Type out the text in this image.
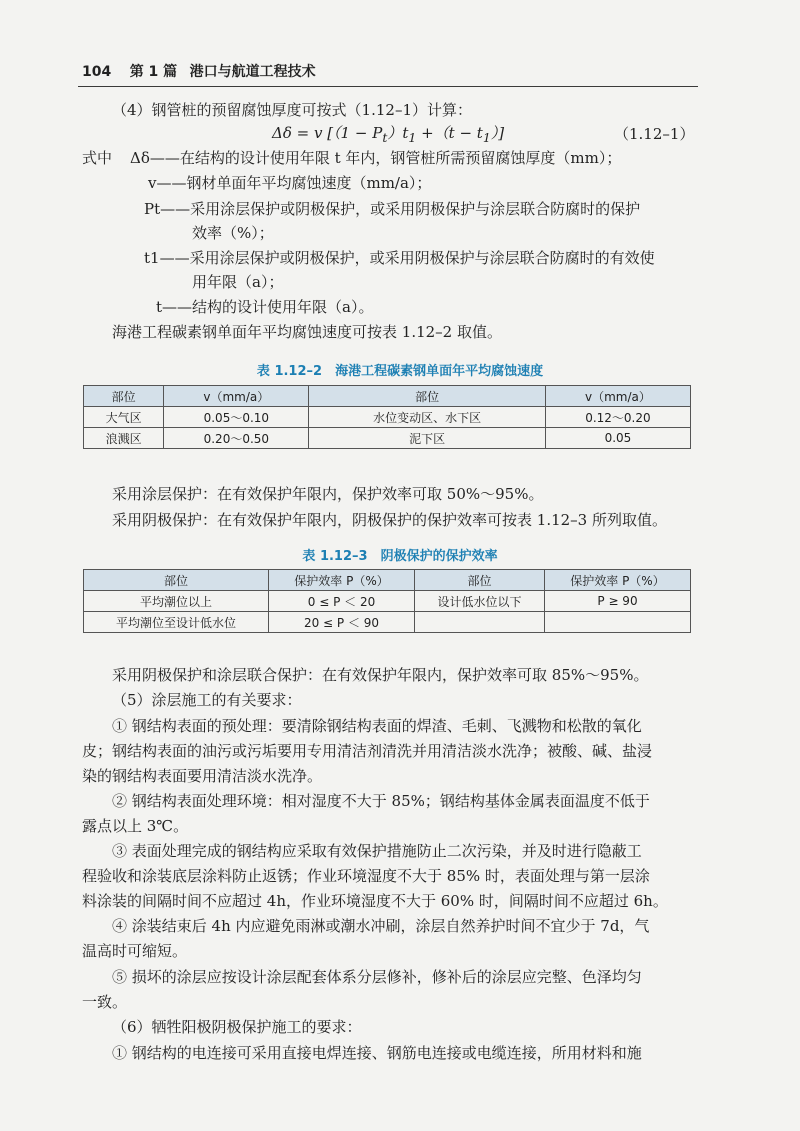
104 第 1 篇 港口与航道工程技术
（4）钢管桩的预留腐蚀厚度可按式（1.12–1）计算：
Δδ = v $[(1 - P_t)t_1 +(t - t_1)]$	（1.12–1）
式中 Δδ——在结构的设计使用年限 t 年内，钢管桩所需预留腐蚀厚度（mm）；
v——钢材单面年平均腐蚀速度（mm/a）；
Pt——采用涂层保护或阴极保护，或采用阴极保护与涂层联合防腐时的保护
效率（%）；
t1——采用涂层保护或阴极保护，或采用阴极保护与涂层联合防腐时的有效使
用年限（a）；
t——结构的设计使用年限（a）。
海港工程碳素钢单面年平均腐蚀速度可按表 1.12–2 取值。
表 1.12–2　海港工程碳素钢单面年平均腐蚀速度
部位	v（mm/a）	部位	v（mm/a）
大气区	0.05～0.10	水位变动区、水下区	0.12～0.20
浪溅区	0.20～0.50	泥下区	0.05
采用涂层保护：在有效保护年限内，保护效率可取 50%～95%。
采用阴极保护：在有效保护年限内，阴极保护的保护效率可按表 1.12–3 所列取值。
表 1.12–3　阴极保护的保护效率
部位	保护效率 P（%）	部位	保护效率 P（%）
平均潮位以上	0 ≤ P ＜ 20	设计低水位以下	P ≥ 90
平均潮位至设计低水位	20 ≤ P ＜ 90		
采用阴极保护和涂层联合保护：在有效保护年限内，保护效率可取 85%～95%。
（5）涂层施工的有关要求：
① 钢结构表面的预处理：要清除钢结构表面的焊渣、毛刺、飞溅物和松散的氧化
皮；钢结构表面的油污或污垢要用专用清洁剂清洗并用清洁淡水洗净；被酸、碱、盐浸
染的钢结构表面要用清洁淡水洗净。
② 钢结构表面处理环境：相对湿度不大于 85%；钢结构基体金属表面温度不低于
露点以上 3℃。
③ 表面处理完成的钢结构应采取有效保护措施防止二次污染，并及时进行隐蔽工
程验收和涂装底层涂料防止返锈；作业环境湿度不大于 85% 时，表面处理与第一层涂
料涂装的间隔时间不应超过 4h，作业环境湿度不大于 60% 时，间隔时间不应超过 6h。
④ 涂装结束后 4h 内应避免雨淋或潮水冲刷，涂层自然养护时间不宜少于 7d，气
温高时可缩短。
⑤ 损坏的涂层应按设计涂层配套体系分层修补，修补后的涂层应完整、色泽均匀
一致。
（6）牺牲阳极阴极保护施工的要求：
① 钢结构的电连接可采用直接电焊连接、钢筋电连接或电缆连接，所用材料和施
